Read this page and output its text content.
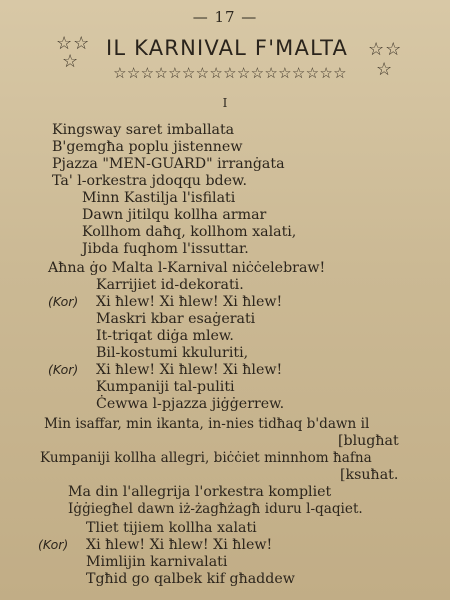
— 17 —
☆☆
☆
IL KARNIVAL F'MALTA	☆☆
☆
☆☆☆☆☆☆☆☆☆☆☆☆☆☆☆☆☆
I
Kingsway saret imballata
B'gemgħa poplu jistennew
Pjazza "MEN-GUARD" irranġata
Ta' l-orkestra jdoqqu bdew.
Minn Kastilja l'isfilati
Dawn jitilqu kollha armar
Kollhom daħq, kollhom xalati,
Jibda fuqhom l'issuttar.
Aħna ġo Malta l-Karnival niċċelebraw!
Karrijiet id-dekorati.
(Kor) Xi ħlew! Xi ħlew! Xi ħlew!
Maskri kbar esaġerati
It-triqat diġa mlew.
Bil-kostumi kkuluriti,
(Kor) Xi ħlew! Xi ħlew! Xi ħlew!
Kumpaniji tal-puliti
Ċewwa l-pjazza jiġġerrew.
Min isaffar, min ikanta, in-nies tidħaq b'dawn il
[blugħat
Kumpaniji kollha allegri, biċċiet minnhom ħafna
[ksuħat.
Ma din l'allegrija l'orkestra kompliet
Iġġiegħel dawn iż-żagħżagħ iduru l-qaqiet.
Tliet tijiem kollha xalati
(Kor) Xi ħlew! Xi ħlew! Xi ħlew!
Mimlijin karnivalati
Tgħid go qalbek kif għaddew
